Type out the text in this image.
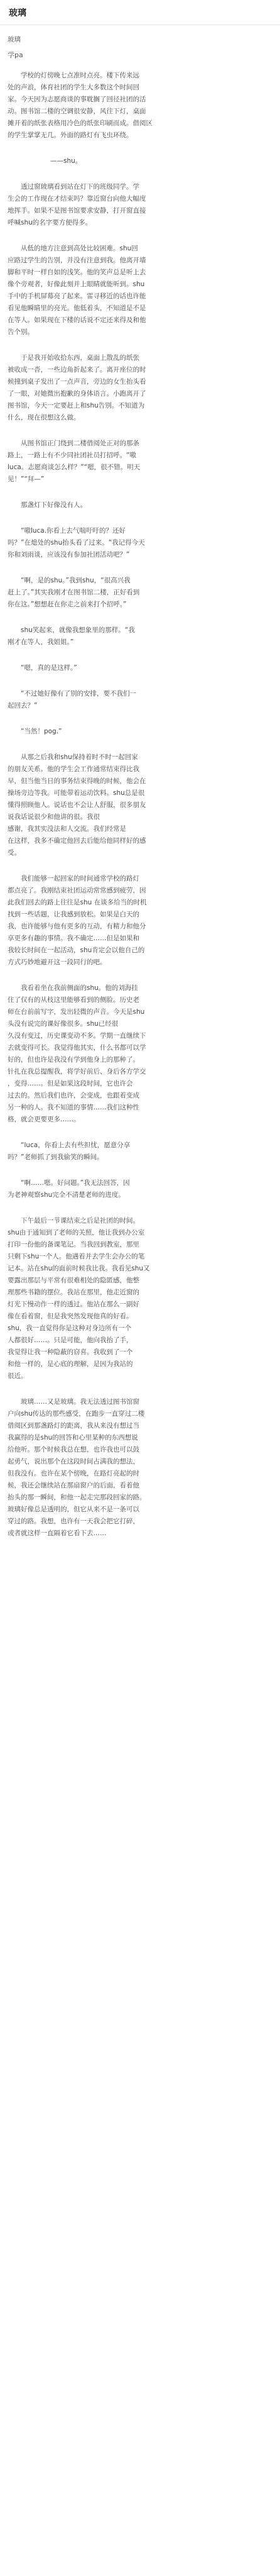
玻璃

玻璃

学pa

　　学校的灯傍晚七点准时点亮。楼下传来远

处的声浪，体育社团的学生大多数这个时间回

家。今天因为志愿商谈的事耽搁了回径社团的活

动。图书馆二楼的空调很安静，风往下灯，桌面

摊开着的纸张表格用冷色的纸张印刷而成。借阅区

的学生掌掌无几。外面的路灯有飞虫环绕。

——shu。

　　透过窗玻璃看到站在灯下的班级同学。学

生会的工作现在才结束吗？靠近窗台向他大幅度

地挥手。如果不是图书馆要求安静，打开窗直接

呼喊shu的名字要方便得多。

　　从低的地方注意到高处比较困难。shu回

应路过学生的告别，并没有注意到我。他离开墙

脚和平时一样自如的浅笑。他的笑声总是听上去

像个旁观者，好像此刻并上眼睛就能听到。shu

手中的手机屏幕亮了起来。雷寻移近的话也许能

看见他瞬睛里的亮光。他低着头，不知道是不是

在等人。如果现在下楼的话说不定还来得及和他

告个别。

　　于是我开始收拾东西，桌面上散乱的纸张

被收成一沓，一些边角折起来了。离开座位的时

候撞到桌子发出了一点声音，旁边的女生抬头看

了一眼，对她微出抱歉的身体语言。小跑离开了

图书馆，今天一定要赶上和shu告别。不知道为

什么，现在很想这么做。

　　从图书馆正门绕到二楼借阅处正对的那条

路上，一路上有不少同社团社员打招呼。“嗷

luca。志愿商谈怎么样？”“嗯，很不错。明天

见！”“拜—”

　　那盏灯下好像没有人。

　　“嗷luca.你看上去气喘吁吁的？还好

吗？”在熄处的shu抬头看了过来。“我记得今天

你和刘雨谈，应该没有参加社团活动吧？”

　　“啊，是的shu。”我到shu，“很高兴我

赶上了。”其实我刚才在图书馆二楼，正好看到

你在这。”想想赶在你走之前来打个招呼。”

　　shu笑起来，就像我想象里的那样。“我

刚才在等人，我姐姐。”

　　“嗯，真的是这样。”

　　“不过她好像有了别的安排，要不我们一

起回去？”

　　“当然！pog.”

　　从那之后我和shu保持着时不时一起回家

的朋友关系。他的学生会工作通常结束得比我

早，但当他当日的事务结束得晚的时候，他会在

操场旁边等我。可能带着运动饮料。shu总是很

懂得照顾他人。说话也不会让人舒服，很多朋友

说我话说很少和他讲的很。我很

感谢，我其实没法和人交流。我们经常是

在这样，我多不确定他回去后能给他同样好的感

受。

　　我们能够一起回家的时间通常学校的路灯

都点亮了。我刚结束社团运动常常感到疲劳，因

此我们回去的路上往往是shu 在谈多给当的时机

找到一些话题，让我感到放松。如果是白天的

我，也许能够与他有更多的互动，有精力和他分

享更多有趣的事情。我不确定……但是如果和

我较长时间在一起活动，shu肯定会以他自己的

方式巧妙地避开这一段同行的吧。

　　我看着坐在我前侧面的shu。他的刘海挂

住了仅有的从枝这里能够看到的侧脸。历史老

师在台前前写字，发出轻微的声音。今天是shu

头没有说完的课好像很多。shu已经很

久没有变过，历史课变动不多。学期一直继续下

去就变得可长。我觉得他其实，什么书都可以学

好的，但也许是我没有学到他身上的那种了。

针扎在我总提醒我，将学好前后、身后各方学交

，变得……。但是如果这段时间，它也许会

过去的。然后我们也许，会变成，也跟着变成

另一种的人。我不知道的事情……我们这种性

格，就会更要更多……。

　　“luca，你看上去有些担忧，愿意分享

吗？”老师抓了到我偷笑的瞬间。

　　“啊……嗯。好问题。”我无法回答，因

为老神观察shu完全不清楚老师的进度。

　　下午最后一节课结束之后是社团的时间。

shu由于通知到了老师的关照，他让我到办公室

打印一份他的备课笔记。当我回到教室，那里

只剩下shu一个人。他遇着并去学生会办公的笔

记本。站在shu的面前时候我比我。我看见shu又

要露出那层与平常有很难相处的隐匿感，他整

理那些书籍的摆位。我站在那里，他走近窗的

灯光下慢动作一样的透过。他站在那么一副好

像在看着窗，但是我突然发现他真的好看。

shu，我一直觉得你是这种对身边所有一个

人都很好……。只是可能，他向我抬了手，

我觉得让我一种隐蔽的窃喜。我收到了一个

和他一样的，是心底的理解，是因为我站的

很近。

　　玻璃……又是玻璃。我无法透过图书馆窗

户向shu传达的那些感受，在跑步一直穿过二楼

借阅区到那盏路灯的距离，我从来没有想过当

我赢得的是shu的回答和心里某种的东西想说

给他听。那个时候我总在想，也许我也可以鼓

起勇气，说出那个在这段时间占满我的想法，

但我没有。也许在某个傍晚，在路灯亮起的时

候，我还会继续站在那扇窗户的后面，看着他

抬头的那一瞬间，和他一起走完那段回家的路。

玻璃好像总是透明的，但它从来不是一条可以

穿过的路。我想，也许有一天我会把它打碎，

或者就这样一直隔着它看下去……
